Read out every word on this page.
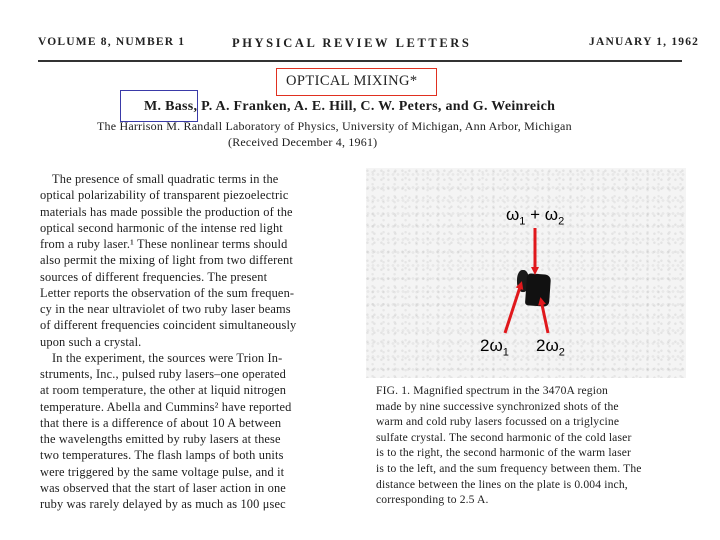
VOLUME 8, NUMBER 1	PHYSICAL REVIEW LETTERS	JANUARY 1, 1962
OPTICAL MIXING*
M. Bass, P. A. Franken, A. E. Hill, C. W. Peters, and G. Weinreich
The Harrison M. Randall Laboratory of Physics, University of Michigan, Ann Arbor, Michigan
(Received December 4, 1961)
The presence of small quadratic terms in the
optical polarizability of transparent piezoelectric
materials has made possible the production of the
optical second harmonic of the intense red light
from a ruby laser.¹ These nonlinear terms should
also permit the mixing of light from two different
sources of different frequencies. The present
Letter reports the observation of the sum frequen-
cy in the near ultraviolet of two ruby laser beams
of different frequencies coincident simultaneously
upon such a crystal.
In the experiment, the sources were Trion In-
struments, Inc., pulsed ruby lasers–one operated
at room temperature, the other at liquid nitrogen
temperature. Abella and Cummins² have reported
that there is a difference of about 10 A between
the wavelengths emitted by ruby lasers at these
two temperatures. The flash lamps of both units
were triggered by the same voltage pulse, and it
was observed that the start of laser action in one
ruby was rarely delayed by as much as 100 μsec
$\omega_1 + \omega_2$
$2\omega_1$ $2\omega_2$
FIG. 1. Magnified spectrum in the 3470A region
made by nine successive synchronized shots of the
warm and cold ruby lasers focussed on a triglycine
sulfate crystal. The second harmonic of the cold laser
is to the right, the second harmonic of the warm laser
is to the left, and the sum frequency between them. The
distance between the lines on the plate is 0.004 inch,
corresponding to 2.5 A.
